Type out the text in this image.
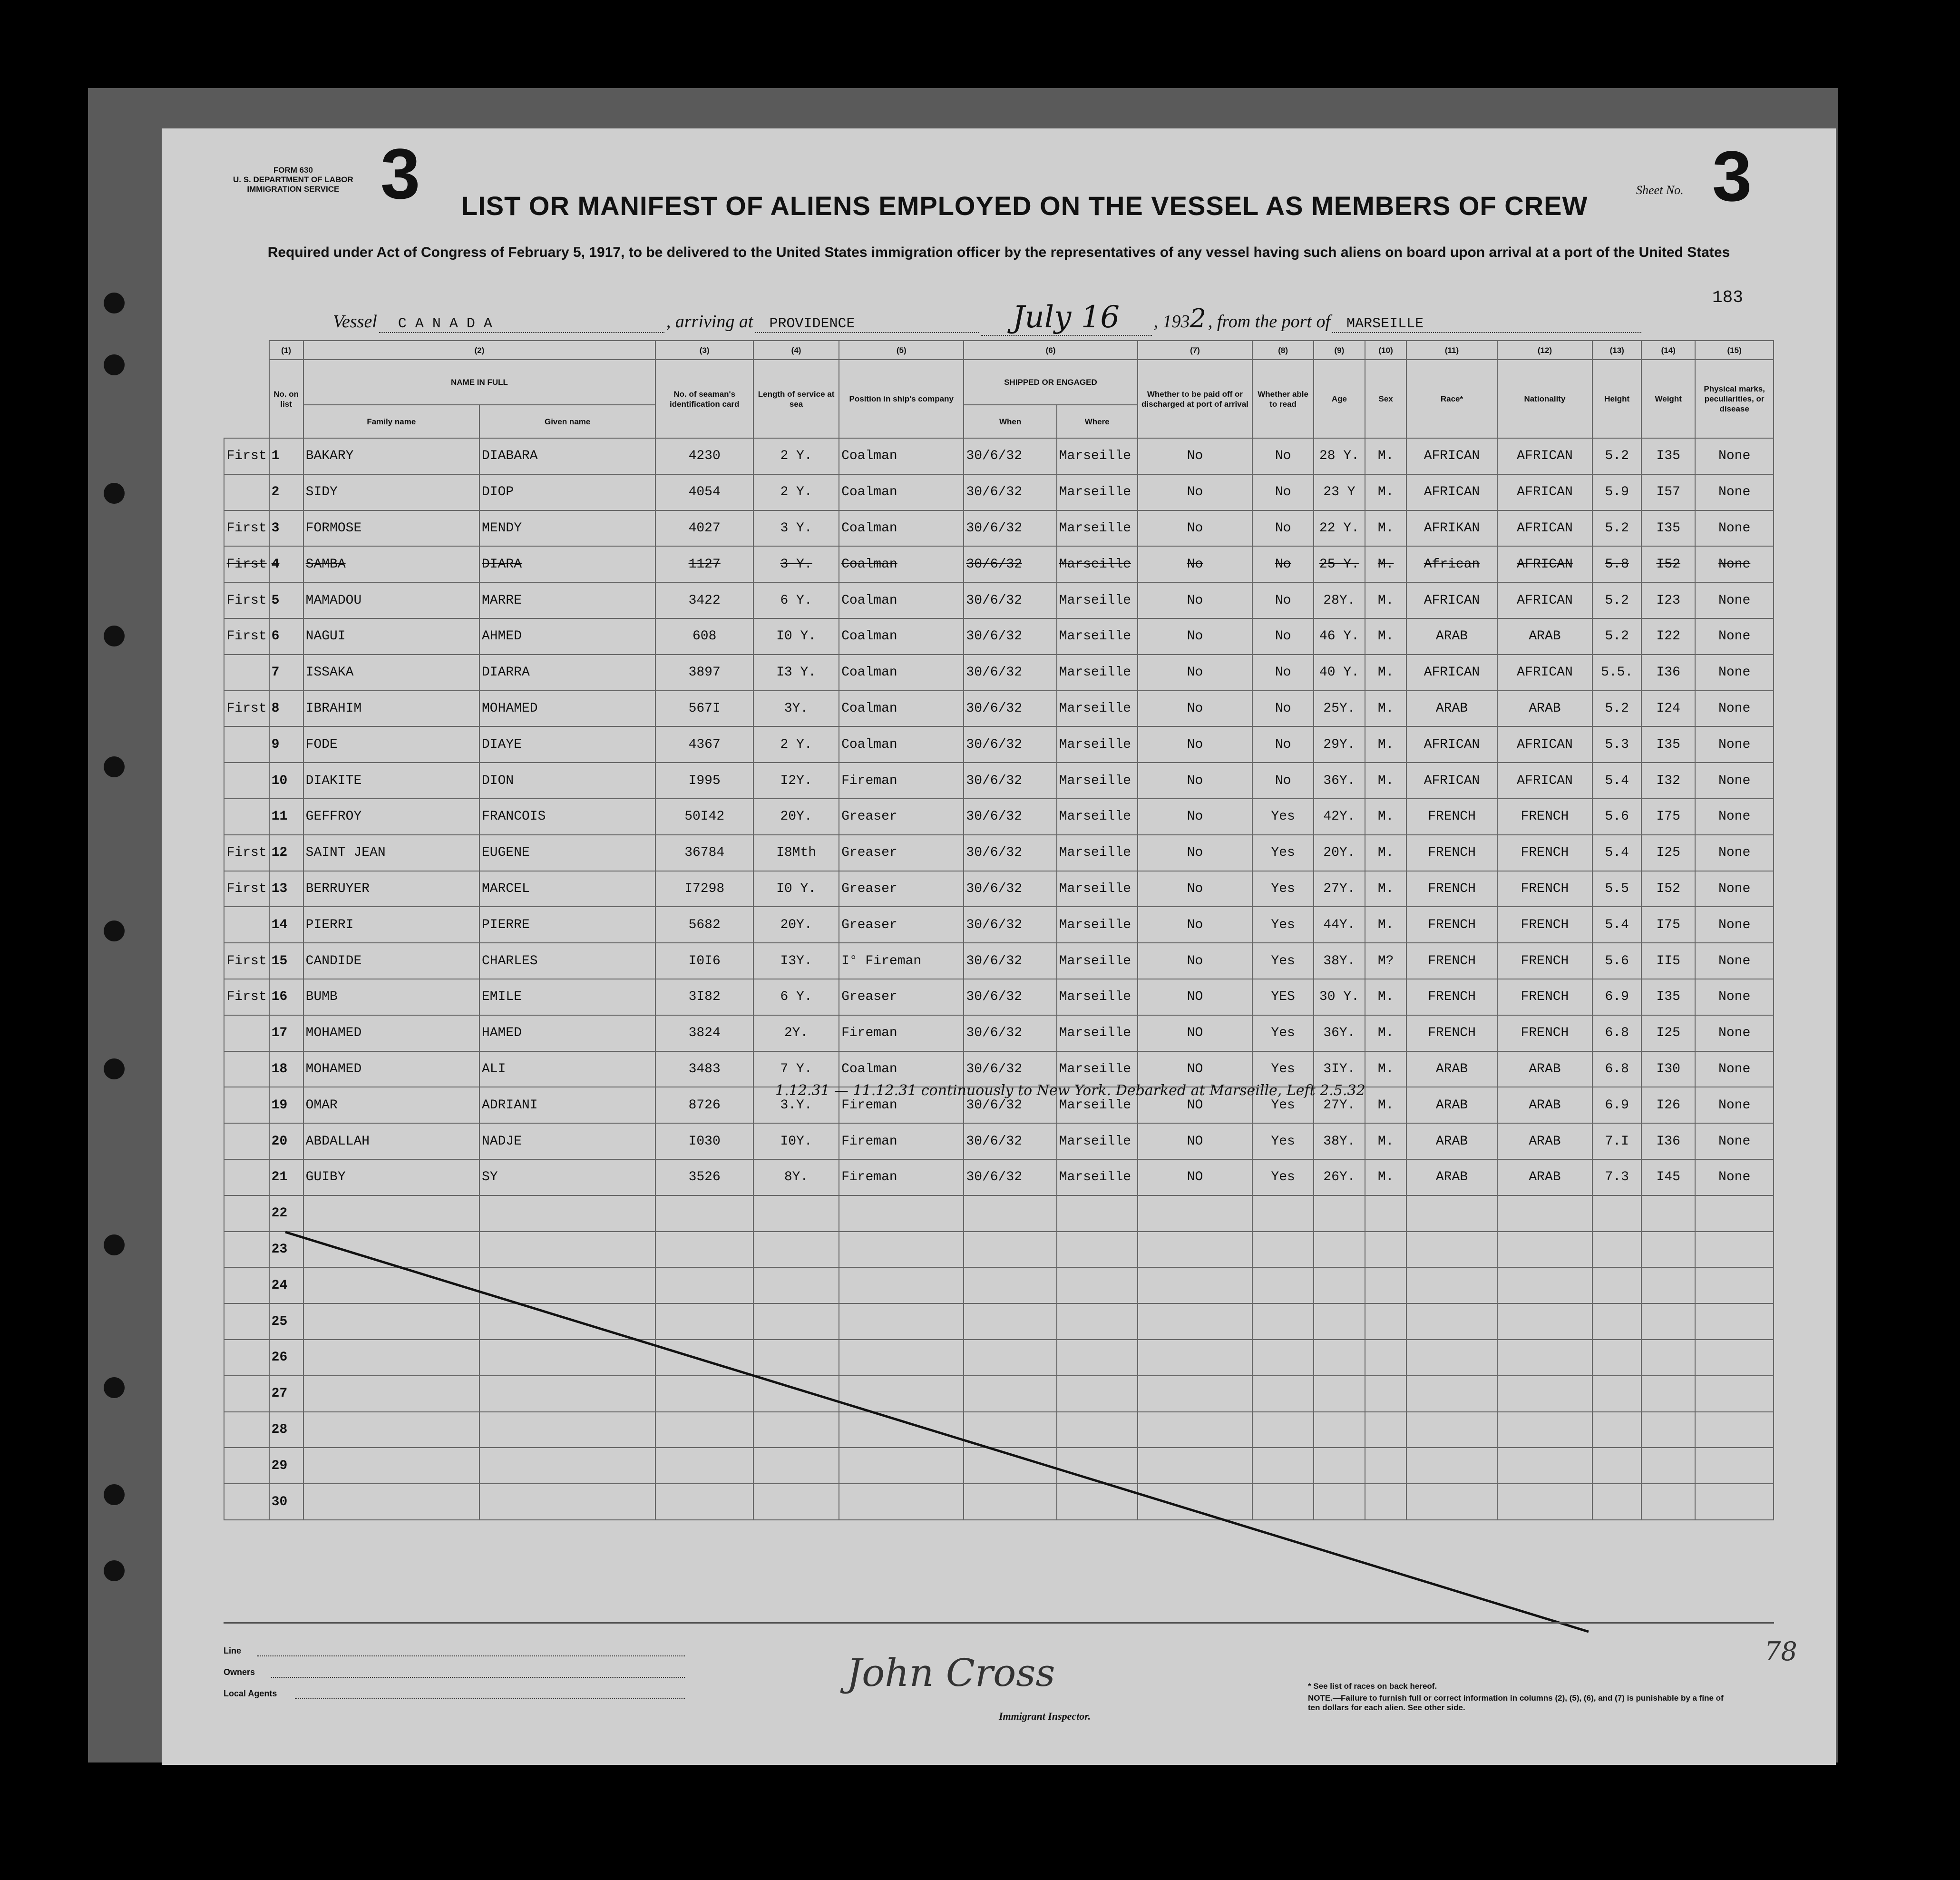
FORM 630
U. S. DEPARTMENT OF LABOR
IMMIGRATION SERVICE 3	Sheet No. 3
LIST OR MANIFEST OF ALIENS EMPLOYED ON THE VESSEL AS MEMBERS OF CREW
Required under Act of Congress of February 5, 1917, to be delivered to the United States immigration officer by the representatives of any vessel having such aliens on board upon arrival at a port of the United States
183
Vessel C A N A D A	, arriving at PROVIDENCE	July 16 , 1932 , from the port of MARSEILLE
	(1)	(2)		(3)	(4)	(5)	(6)		(7)	(8)	(9)	(10)	(11)	(12)	(13)	(14)	(15)
	No. on list	NAME IN FULL		No. of seaman's identification card	Length of service at sea	Position in ship's company	SHIPPED OR ENGAGED		Whether to be paid off or discharged at port of arrival	Whether able to read	Age	Sex	Race*	Nationality	Height	Weight	Physical marks, peculiarities, or disease
		Family name	Given name				When	Where									
First	1	BAKARY	DIABARA	4230	2 Y.	Coalman	30/6/32	Marseille	No	No	28 Y.	M.	AFRICAN	AFRICAN	5.2	I35	None
	2	SIDY	DIOP	4054	2 Y.	Coalman	30/6/32	Marseille	No	No	23 Y	M.	AFRICAN	AFRICAN	5.9	I57	None
First	3	FORMOSE	MENDY	4027	3 Y.	Coalman	30/6/32	Marseille	No	No	22 Y.	M.	AFRIKAN	AFRICAN	5.2	I35	None
First	4	SAMBA	DIARA	1127	3 Y.	Coalman	30/6/32	Marseille	No	No	25 Y.	M.	African	AFRICAN	5.8	I52	None
First	5	MAMADOU	MARRE	3422	6 Y.	Coalman	30/6/32	Marseille	No	No	28Y.	M.	AFRICAN	AFRICAN	5.2	I23	None
First	6	NAGUI	AHMED	608	I0 Y.	Coalman	30/6/32	Marseille	No	No	46 Y.	M.	ARAB	ARAB	5.2	I22	None
	7	ISSAKA	DIARRA	3897	I3 Y.	Coalman	30/6/32	Marseille	No	No	40 Y.	M.	AFRICAN	AFRICAN	5.5.	I36	None
First	8	IBRAHIM	MOHAMED	567I	3Y.	Coalman	30/6/32	Marseille	No	No	25Y.	M.	ARAB	ARAB	5.2	I24	None
	9	FODE	DIAYE	4367	2 Y.	Coalman	30/6/32	Marseille	No	No	29Y.	M.	AFRICAN	AFRICAN	5.3	I35	None
	10	DIAKITE	DION	I995	I2Y.	Fireman	30/6/32	Marseille	No	No	36Y.	M.	AFRICAN	AFRICAN	5.4	I32	None
	11	GEFFROY	FRANCOIS	50I42	20Y.	Greaser	30/6/32	Marseille	No	Yes	42Y.	M.	FRENCH	FRENCH	5.6	I75	None
First	12	SAINT JEAN	EUGENE	36784	I8Mth	Greaser	30/6/32	Marseille	No	Yes	20Y.	M.	FRENCH	FRENCH	5.4	I25	None
First	13	BERRUYER	MARCEL	I7298	I0 Y.	Greaser	30/6/32	Marseille	No	Yes	27Y.	M.	FRENCH	FRENCH	5.5	I52	None
	14	PIERRI	PIERRE	5682	20Y.	Greaser	30/6/32	Marseille	No	Yes	44Y.	M.	FRENCH	FRENCH	5.4	I75	None
First	15	CANDIDE	CHARLES	I0I6	I3Y.	I° Fireman	30/6/32	Marseille	No	Yes	38Y.	M?	FRENCH	FRENCH	5.6	II5	None
First	16	BUMB	EMILE	3I82	6 Y.	Greaser	30/6/32	Marseille	NO	YES	30 Y.	M.	FRENCH	FRENCH	6.9	I35	None
	17	MOHAMED	HAMED	3824	2Y.	Fireman	30/6/32	Marseille	NO	Yes	36Y.	M.	FRENCH	FRENCH	6.8	I25	None
	18	MOHAMED	ALI	3483	7 Y.	Coalman	30/6/32	Marseille	NO	Yes	3IY.	M.	ARAB	ARAB	6.8	I30	None
	19	OMAR	ADRIANI	8726	3.Y.	Fireman	30/6/32	Marseille	NO	Yes	27Y.	M.	ARAB	ARAB	6.9	I26	None
	20	ABDALLAH	NADJE	I030	I0Y.	Fireman	30/6/32	Marseille	NO	Yes	38Y.	M.	ARAB	ARAB	7.I	I36	None
	21	GUIBY	SY	3526	8Y.	Fireman	30/6/32	Marseille	NO	Yes	26Y.	M.	ARAB	ARAB	7.3	I45	None
	22																
	23																
	24																
	25																
	26																
	27																
	28																
	29																
	30																
1.12.31 — 11.12.31 continuously to New York. Debarked at Marseille, Left 2.5.32
Line
Owners
Local Agents	John Cross
Immigrant Inspector.
* See list of races on back hereof.
NOTE.—Failure to furnish full or correct information in columns (2), (5), (6), and (7) is punishable by a fine of ten dollars for each alien. See other side.
78
